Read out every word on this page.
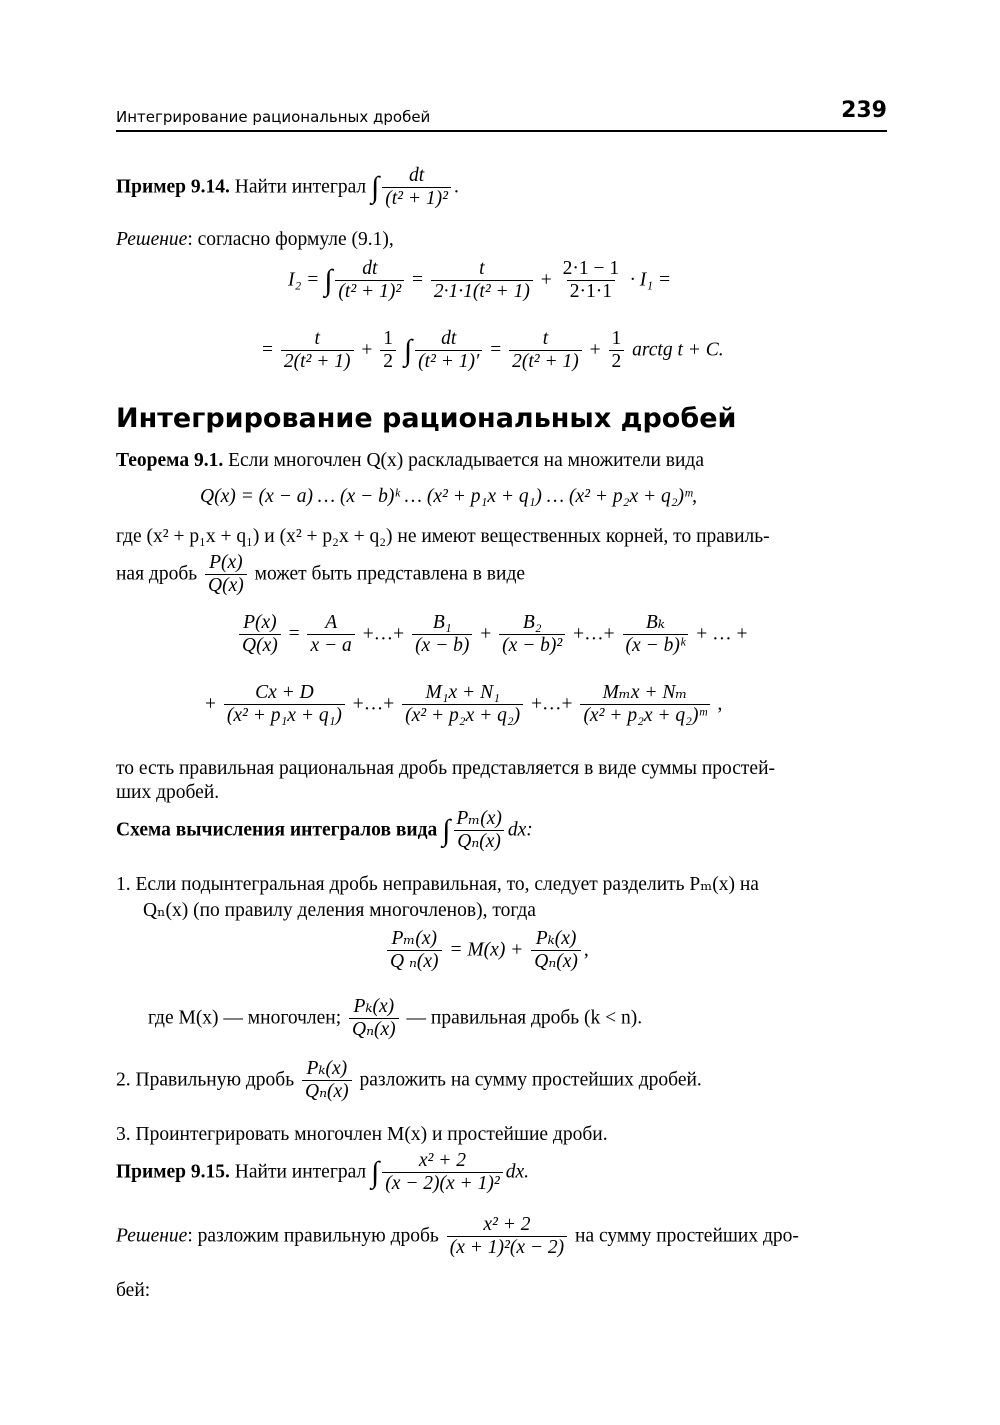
Интегрирование рациональных дробей	239
Пример 9.14. Найти интеграл ∫ $\frac{dt}{\text{(t² + 1)²}}$ .
Решение: согласно формуле (9.1),
I₂ = ∫ $\frac{dt}{\text{(t² + 1)²}} = \frac{t}{\text{2·1·1(t² + 1)}} + \frac{2\cdot 1 - 1}{2\cdot 1\cdot 1} \cdot I_1$ =
= $\frac{t}{\text{2(t² + 1)}} + \frac{1}{2}$ ∫ $\frac{dt}{\text{(t² + 1)′}} = \frac{t}{\text{2(t² + 1)}} + \frac{1}{2}$ arctg t + C.
Интегрирование рациональных дробей
Теорема 9.1. Если многочлен Q(x) раскладывается на множители вида
Q(x) = (x − a) … (x − b)ᵏ … (x² + p₁x + q₁) … (x² + p₂x + q₂)ᵐ,
где (x² + p₁x + q₁) и (x² + p₂x + q₂) не имеют вещественных корней, то правиль-
ная дробь $\frac{P(x)}{Q(x)}$ может быть представлена в виде
$\frac{P(x)}{Q(x)} = \frac{A}{x - a}$ +…+ $\frac{\text{B₁}}{(x - b)} + \frac{\text{B₂}}{\text{(x − b)²}}$ +…+ $\frac{\text{Bₖ}}{\text{(x − b)ᵏ}}$ + … +
+ $\frac{Cx + D}{\text{(x² + p₁x + q₁)}}$ +…+ $\frac{\text{M₁x + N₁}}{\text{(x² + p₂x + q₂)}}$ +…+ $\frac{\text{Mₘx + Nₘ}}{\text{(x² + p₂x + q₂)ᵐ}}$ ,
то есть правильная рациональная дробь представляется в виде суммы простей-
ших дробей.
Схема вычисления интегралов вида ∫ $\frac{\text{Pₘ(x)}}{\text{Qₙ(x)}}$ dx:
1. Если подынтегральная дробь неправильная, то, следует разделить Pₘ(x) на
Qₙ(x) (по правилу деления многочленов), тогда
$\frac{\text{Pₘ(x)}}{\text{Q ₙ(x)}} = M(x) + \frac{\text{Pₖ(x)}}{\text{Qₙ(x)}}$ ,
где M(x) — многочлен; $\frac{\text{Pₖ(x)}}{\text{Qₙ(x)}}$ — правильная дробь (k < n).
2. Правильную дробь $\frac{\text{Pₖ(x)}}{\text{Qₙ(x)}}$ разложить на сумму простейших дробей.
3. Проинтегрировать многочлен M(x) и простейшие дроби.
Пример 9.15. Найти интеграл ∫ $\frac{\text{x² + 2}}{\text{(x − 2)(x + 1)²}}$ dx.
Решение: разложим правильную дробь $\frac{\text{x² + 2}}{\text{(x + 1)²(x − 2)}}$ на сумму простейших дро-
бей:
